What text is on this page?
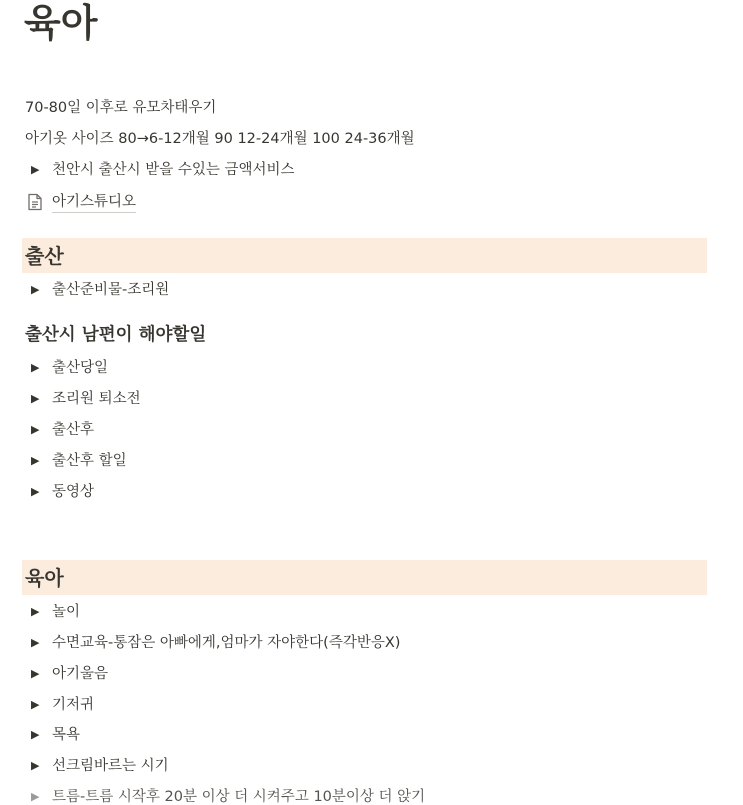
육아
70-80일 이후로 유모차태우기
아기옷 사이즈 80→6-12개월 90 12-24개월 100 24-36개월
▶ 천안시 출산시 받을 수있는 금액서비스
아기스튜디오
출산
▶ 출산준비물-조리원
출산시 남편이 해야할일
▶ 출산당일
▶ 조리원 퇴소전
▶ 출산후
▶ 출산후 할일
▶ 동영상
육아
▶ 놀이
▶ 수면교육-통잠은 아빠에게,엄마가 자야한다(즉각반응X)
▶ 아기울음
▶ 기저귀
▶ 목욕
▶ 선크림바르는 시기
▶ 트름-트름 시작후 20분 이상 더 시켜주고 10분이상 더 앉기
